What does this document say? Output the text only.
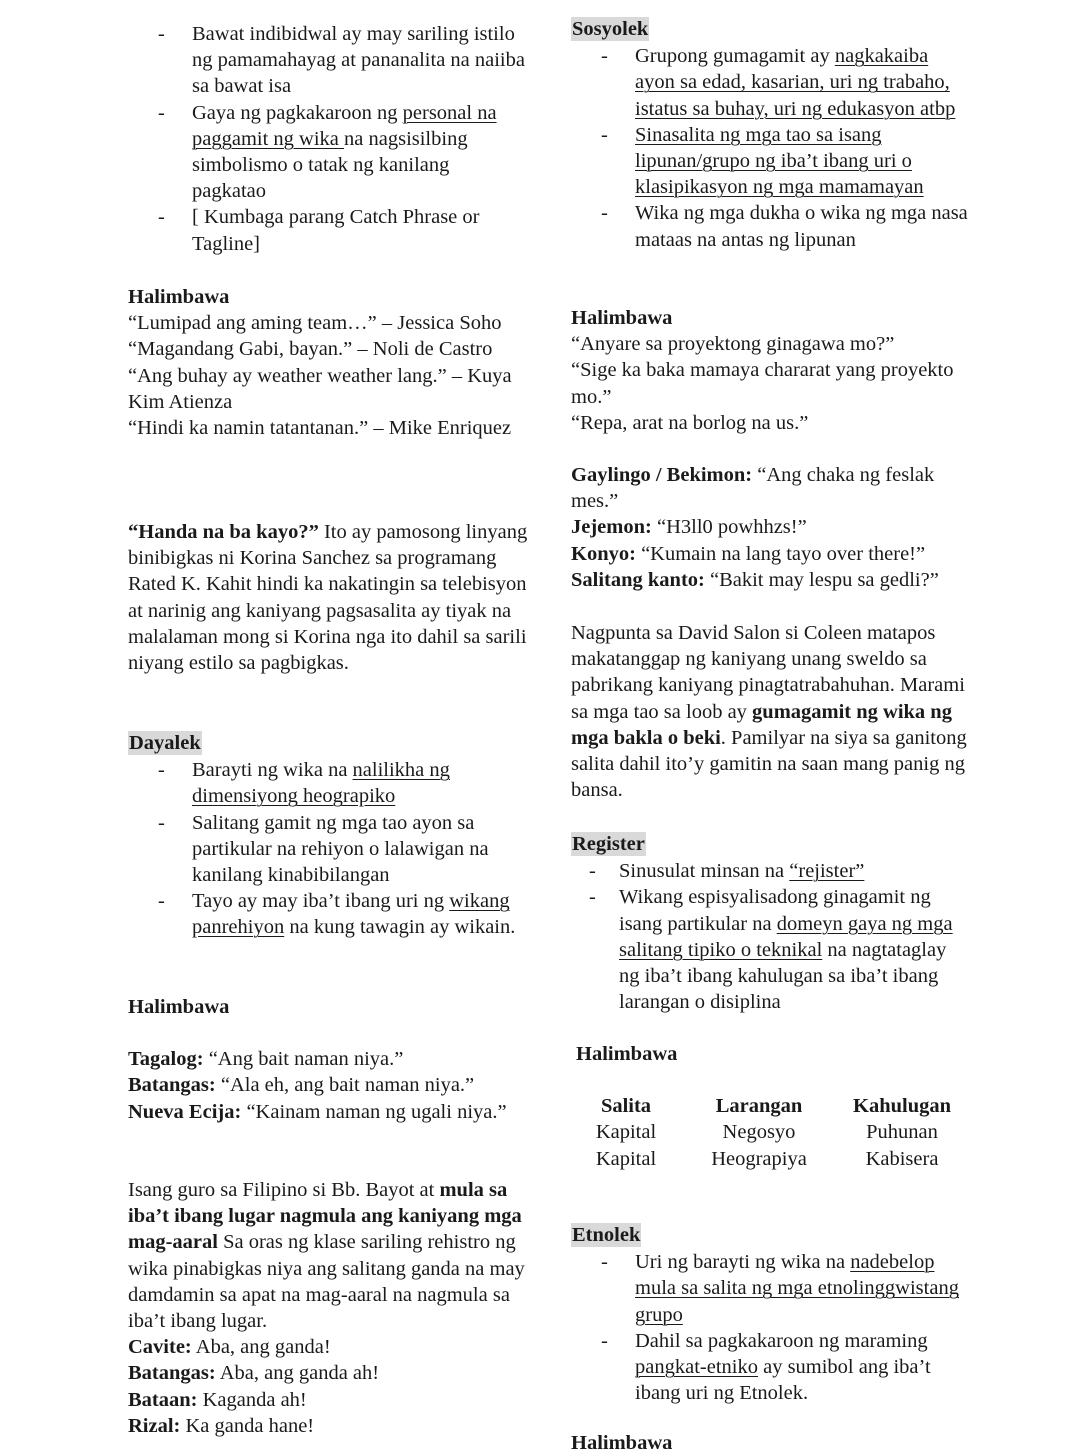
- Bawat indibidwal ay may sariling istilo ng pamamahayag at pananalita na naiiba sa bawat isa
- Gaya ng pagkakaroon ng personal na paggamit ng wika na nagsisilbing simbolismo o tatak ng kanilang pagkatao
- [ Kumbaga parang Catch Phrase or Tagline]

Halimbawa

“Lumipad ang aming team…” – Jessica Soho

“Magandang Gabi, bayan.” – Noli de Castro

“Ang buhay ay weather weather lang.” – Kuya Kim Atienza

“Hindi ka namin tatantanan.” – Mike Enriquez

“Handa na ba kayo?” Ito ay pamosong linyang binibigkas ni Korina Sanchez sa programang Rated K. Kahit hindi ka nakatingin sa telebisyon at narinig ang kaniyang pagsasalita ay tiyak na malalaman mong si Korina nga ito dahil sa sarili niyang estilo sa pagbigkas.

Dayalek
- Barayti ng wika na nalilikha ng dimensiyong heograpiko
- Salitang gamit ng mga tao ayon sa partikular na rehiyon o lalawigan na kanilang kinabibilangan
- Tayo ay may iba’t ibang uri ng wikang panrehiyon na kung tawagin ay wikain.

Halimbawa

Tagalog: “Ang bait naman niya.”

Batangas: “Ala eh, ang bait naman niya.”

Nueva Ecija: “Kainam naman ng ugali niya.”

Isang guro sa Filipino si Bb. Bayot at mula sa iba’t ibang lugar nagmula ang kaniyang mga mag-aaral Sa oras ng klase sariling rehistro ng wika pinabigkas niya ang salitang ganda na may damdamin sa apat na mag-aaral na nagmula sa iba’t ibang lugar.

Cavite: Aba, ang ganda!

Batangas: Aba, ang ganda ah!

Bataan: Kaganda ah!

Rizal: Ka ganda hane!

Sosyolek
- Grupong gumagamit ay nagkakaiba ayon sa edad, kasarian, uri ng trabaho, istatus sa buhay, uri ng edukasyon atbp
- Sinasalita ng mga tao sa isang lipunan/grupo ng iba’t ibang uri o klasipikasyon ng mga mamamayan
- Wika ng mga dukha o wika ng mga nasa mataas na antas ng lipunan

Halimbawa

“Anyare sa proyektong ginagawa mo?”

“Sige ka baka mamaya chararat yang proyekto mo.”

“Repa, arat na borlog na us.”

Gaylingo / Bekimon: “Ang chaka ng feslak mes.”

Jejemon: “H3ll0 powhhzs!”

Konyo: “Kumain na lang tayo over there!”

Salitang kanto: “Bakit may lespu sa gedli?”

Nagpunta sa David Salon si Coleen matapos makatanggap ng kaniyang unang sweldo sa pabrikang kaniyang pinagtatrabahuhan. Marami sa mga tao sa loob ay gumagamit ng wika ng mga bakla o beki. Pamilyar na siya sa ganitong salita dahil ito’y gamitin na saan mang panig ng bansa.

Register
- Sinusulat minsan na “rejister”
- Wikang espisyalisadong ginagamit ng isang partikular na domeyn gaya ng mga salitang tipiko o teknikal na nagtataglay ng iba’t ibang kahulugan sa iba’t ibang larangan o disiplina

Halimbawa

Salita	Larangan	Kahulugan
Kapital	Negosyo	Puhunan
Kapital	Heograpiya	Kabisera
Etnolek
- Uri ng barayti ng wika na nadebelop mula sa salita ng mga etnolinggwistang grupo
- Dahil sa pagkakaroon ng maraming pangkat-etniko ay sumibol ang iba’t ibang uri ng Etnolek.

Halimbawa
